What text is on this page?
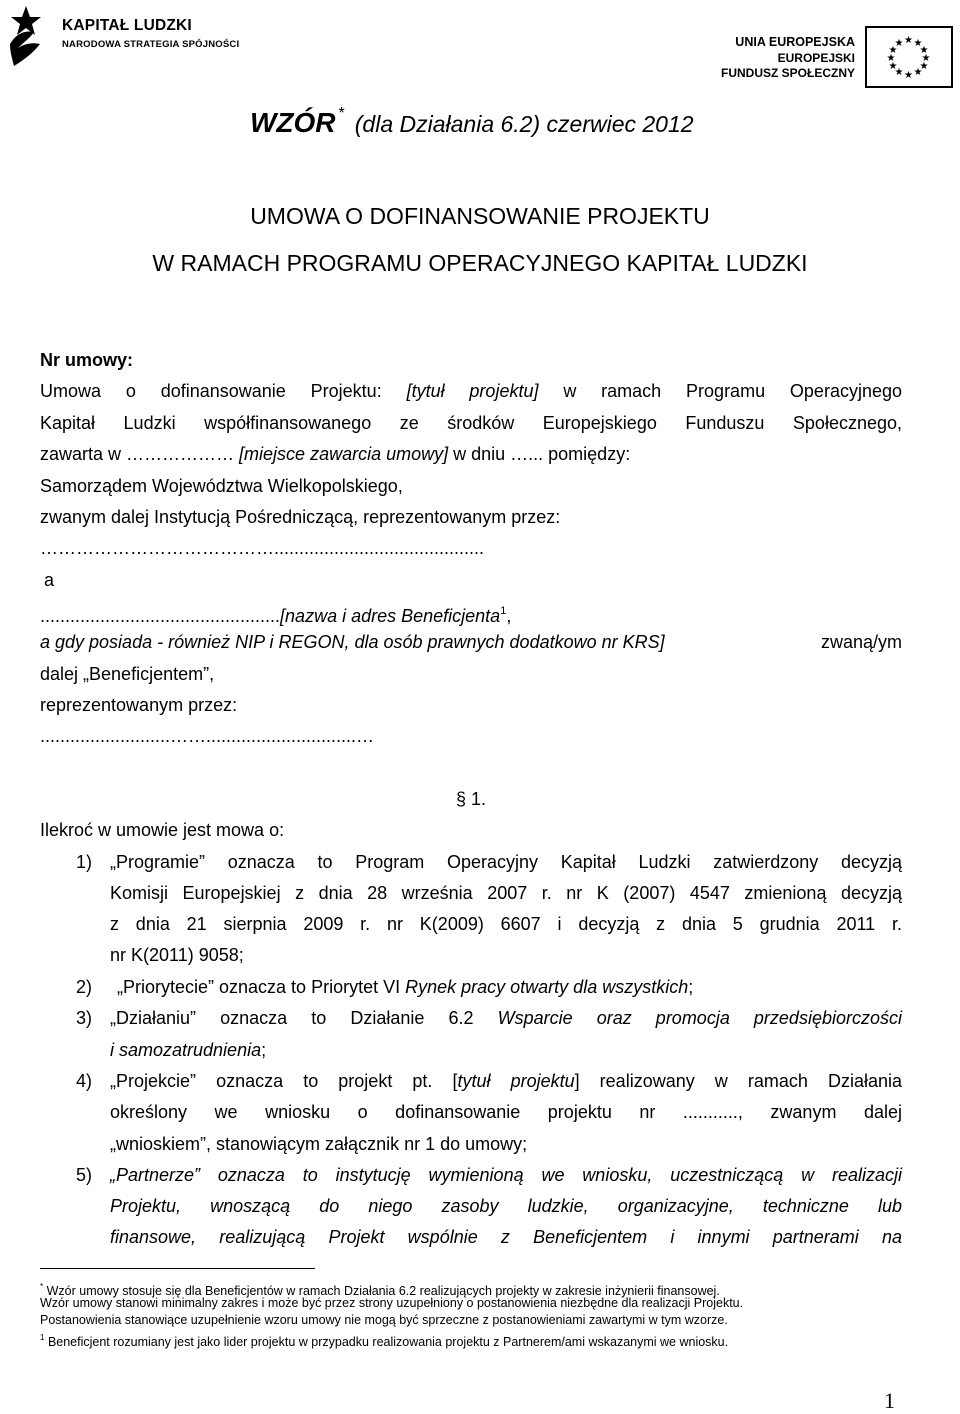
KAPITAŁ LUDZKI
NARODOWA STRATEGIA SPÓJNOŚCI	UNIA EUROPEJSKA
EUROPEJSKI
FUNDUSZ SPOŁECZNY
★ ★
★
★
★
★
★
★
★
★
★
★
WZÓR * (dla Działania 6.2) czerwiec 2012
UMOWA O DOFINANSOWANIE PROJEKTU
W RAMACH PROGRAMU OPERACYJNEGO KAPITAŁ LUDZKI
Nr umowy:
Umowa o dofinansowanie Projektu: [tytuł projektu] w ramach Programu Operacyjnego
Kapitał Ludzki współfinansowanego ze środków Europejskiego Funduszu Społecznego,
zawarta w ……………… [miejsce zawarcia umowy] w dniu …... pomiędzy:
Samorządem Województwa Wielkopolskiego,
zwanym dalej Instytucją Pośredniczącą, reprezentowanym przez:
…………………………………..........................................
a
................................................[nazwa i adres Beneficjenta$^1$,
a gdy posiada - również NIP i REGON, dla osób prawnych dodatkowo nr KRS]	zwaną/ym
dalej „Beneficjentem”,
reprezentowanym przez:
..........................……..............................…
§ 1.
Ilekroć w umowie jest mowa o:
1) „Programie” oznacza to Program Operacyjny Kapitał Ludzki zatwierdzony decyzją
Komisji Europejskiej z dnia 28 września 2007 r. nr K (2007) 4547 zmienioną decyzją
z dnia 21 sierpnia 2009 r. nr K(2009) 6607 i decyzją z dnia 5 grudnia 2011 r.
nr K(2011) 9058;
2) „Priorytecie” oznacza to Priorytet VI Rynek pracy otwarty dla wszystkich;
3) „Działaniu” oznacza to Działanie 6.2 Wsparcie oraz promocja przedsiębiorczości
i samozatrudnienia;
4) „Projekcie” oznacza to projekt pt. [tytuł projektu] realizowany w ramach Działania
określony we wniosku o dofinansowanie projektu nr ..........., zwanym dalej
„wnioskiem”, stanowiącym załącznik nr 1 do umowy;
5) „Partnerze” oznacza to instytucję wymienioną we wniosku, uczestniczącą w realizacji
Projektu, wnoszącą do niego zasoby ludzkie, organizacyjne, techniczne lub
finansowe, realizującą Projekt wspólnie z Beneficjentem i innymi partnerami na
* Wzór umowy stosuje się dla Beneficjentów w ramach Działania 6.2 realizujących projekty w zakresie inżynierii finansowej.
Wzór umowy stanowi minimalny zakres i może być przez strony uzupełniony o postanowienia niezbędne dla realizacji Projektu.
Postanowienia stanowiące uzupełnienie wzoru umowy nie mogą być sprzeczne z postanowieniami zawartymi w tym wzorze.
$^1$ Beneficjent rozumiany jest jako lider projektu w przypadku realizowania projektu z Partnerem/ami wskazanymi we wniosku.
1
